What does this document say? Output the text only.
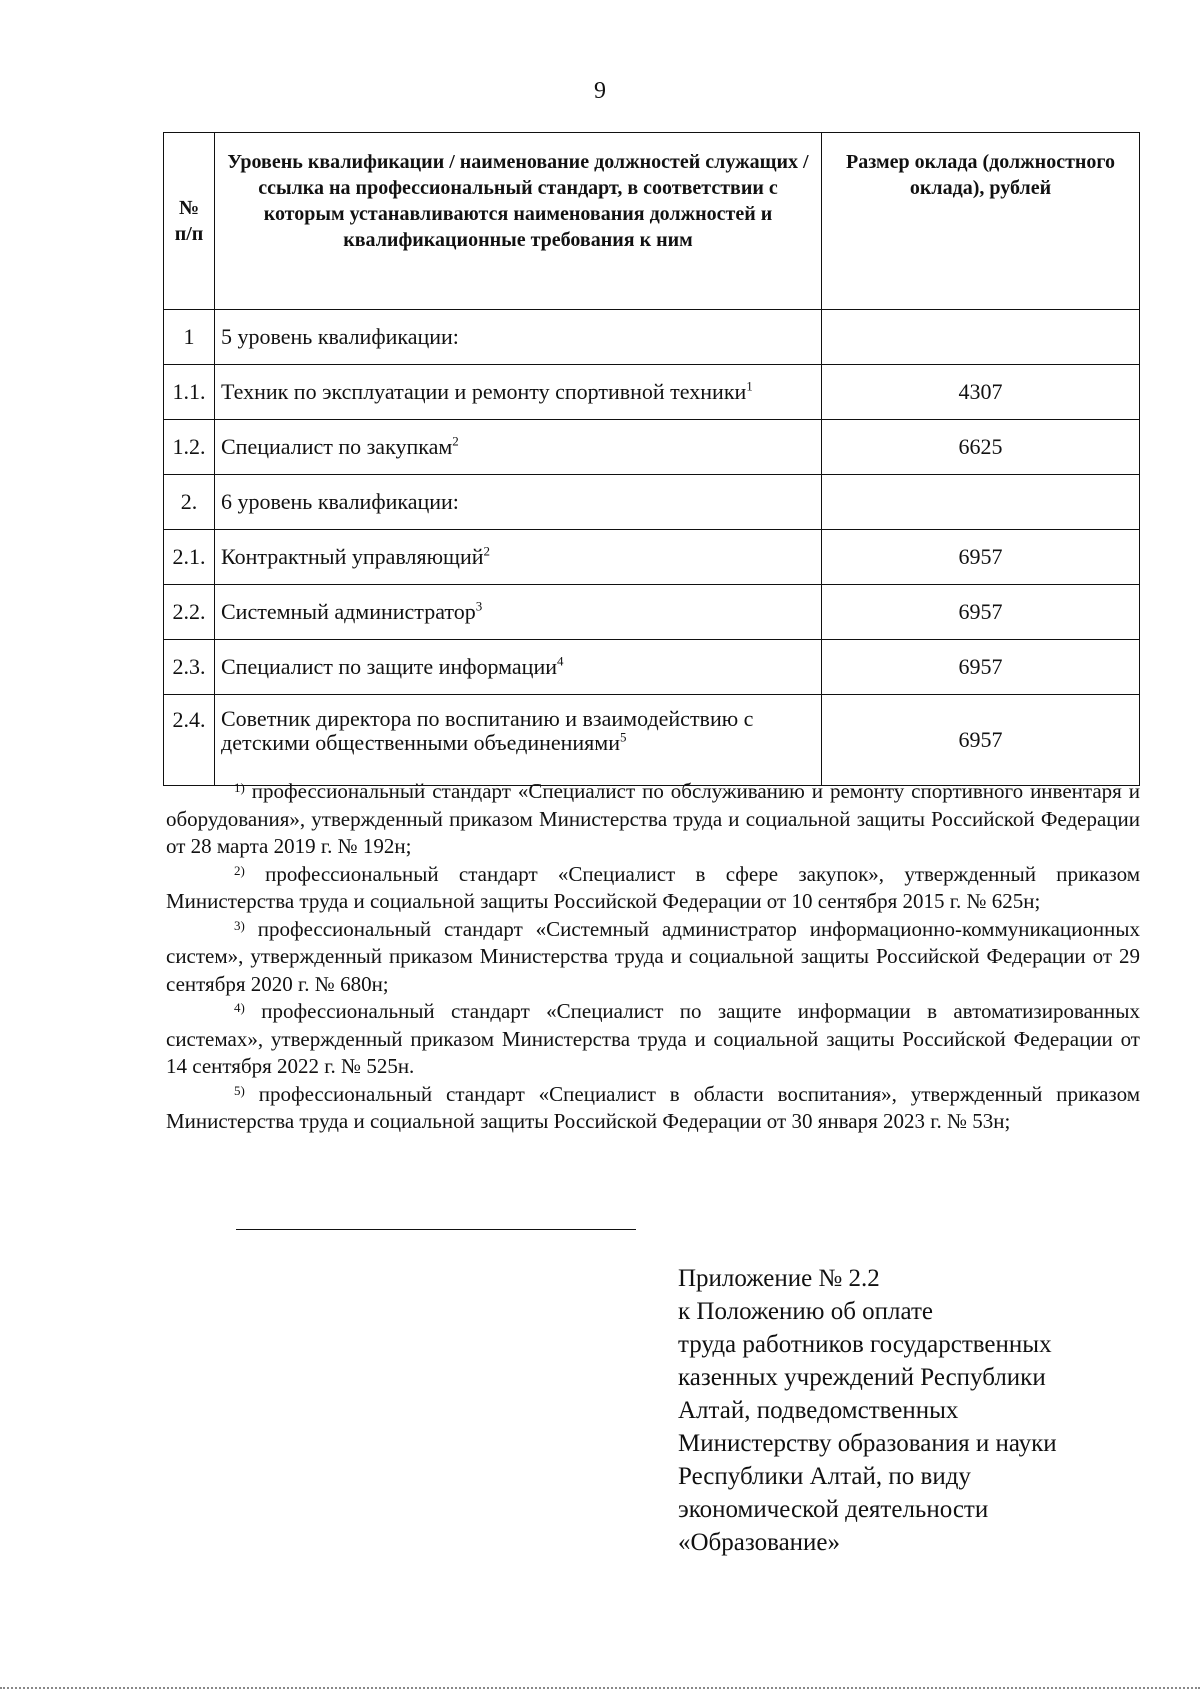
9
№ п/п	Уровень квалификации / наименование должностей служащих / ссылка на профессиональный стандарт, в соответствии с которым устанавливаются наименования должностей и квалификационные требования к ним	Размер оклада (должностного оклада), рублей
1	5 уровень квалификации:	
1.1.	Техник по эксплуатации и ремонту спортивной техники$^1$	4307
1.2.	Специалист по закупкам$^2$	6625
2.	6 уровень квалификации:	
2.1.	Контрактный управляющий$^2$	6957
2.2.	Системный администратор$^3$	6957
2.3.	Специалист по защите информации$^4$	6957
2.4.	Советник директора по воспитанию и взаимодействию с детскими общественными объединениями$^5$	6957

$^{1)}$ профессиональный стандарт «Специалист по обслуживанию и ремонту спортивного инвентаря и оборудования», утвержденный приказом Министерства труда и социальной защиты Российской Федерации от 28 марта 2019 г. № 192н;

$^{2)}$ профессиональный стандарт «Специалист в сфере закупок», утвержденный приказом Министерства труда и социальной защиты Российской Федерации от 10 сентября 2015 г. № 625н;

$^{3)}$ профессиональный стандарт «Системный администратор информационно-коммуникационных систем», утвержденный приказом Министерства труда и социальной защиты Российской Федерации от 29 сентября 2020 г. № 680н;

$^{4)}$ профессиональный стандарт «Специалист по защите информации в автоматизированных системах», утвержденный приказом Министерства труда и социальной защиты Российской Федерации от 14 сентября 2022 г. № 525н.

$^{5)}$ профессиональный стандарт «Специалист в области воспитания», утвержденный приказом Министерства труда и социальной защиты Российской Федерации от 30 января 2023 г. № 53н;

Приложение № 2.2
к Положению об оплате
труда работников государственных
казенных учреждений Республики
Алтай, подведомственных
Министерству образования и науки
Республики Алтай, по виду
экономической деятельности
«Образование»
